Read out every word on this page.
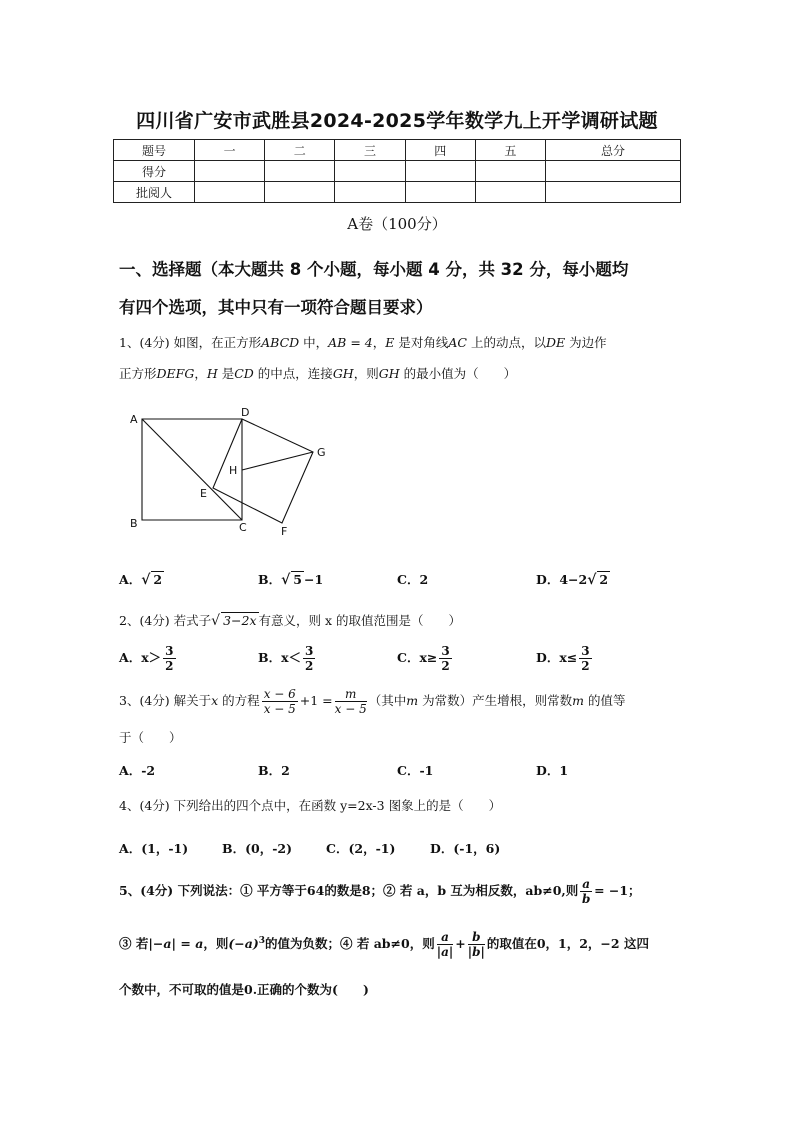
四川省广安市武胜县2024-2025学年数学九上开学调研试题
题号	一	二	三	四	五	总分
得分						
批阅人						
A卷（100分）
一、选择题（本大题共 8 个小题，每小题 4 分，共 32 分，每小题均
有四个选项，其中只有一项符合题目要求）
1、(4分) 如图，在正方形ABCD 中，AB = 4，E 是对角线AC 上的动点，以DE 为边作
正方形DEFG，H 是CD 的中点，连接GH，则GH 的最小值为（　　）
A
B	C
D
E
F
G
H
A．√ 2	B．√ 5 −1	C．2	D．4−2√ 2
2、(4分) 若式子√ 3−2x 有意义，则 x 的取值范围是（　　）
A．$x> \frac{3}{2}$	B．$x< \frac{3}{2}$	C．$x\ge \frac{3}{2}$	D．$x\le \frac{3}{2}$
3、(4分) 解关于x 的方程 $\frac{x - 6}{x - 5} +1 = \frac{m}{x - 5}$ （其中m 为常数）产生增根，则常数m 的值等
于（　　）
A．-2	B．2	C．-1	D．1
4、(4分) 下列给出的四个点中，在函数 y=2x-3 图象上的是（　　）
A．(1，-1)	B．(0，-2)	C．(2，-1)	D．(-1，6)
5、(4分) 下列说法：① 平方等于64的数是8；② 若 a，b 互为相反数，ab≠0,则 $\frac{a}{b} = -1$；
③ 若|−a| = a，则$(-a)^3$的值为负数；④ 若 ab≠0，则 $\frac{a}{|a|} + \frac{b}{|b|}$ 的取值在0，1，2，−2 这四
个数中，不可取的值是0.正确的个数为(　　)
